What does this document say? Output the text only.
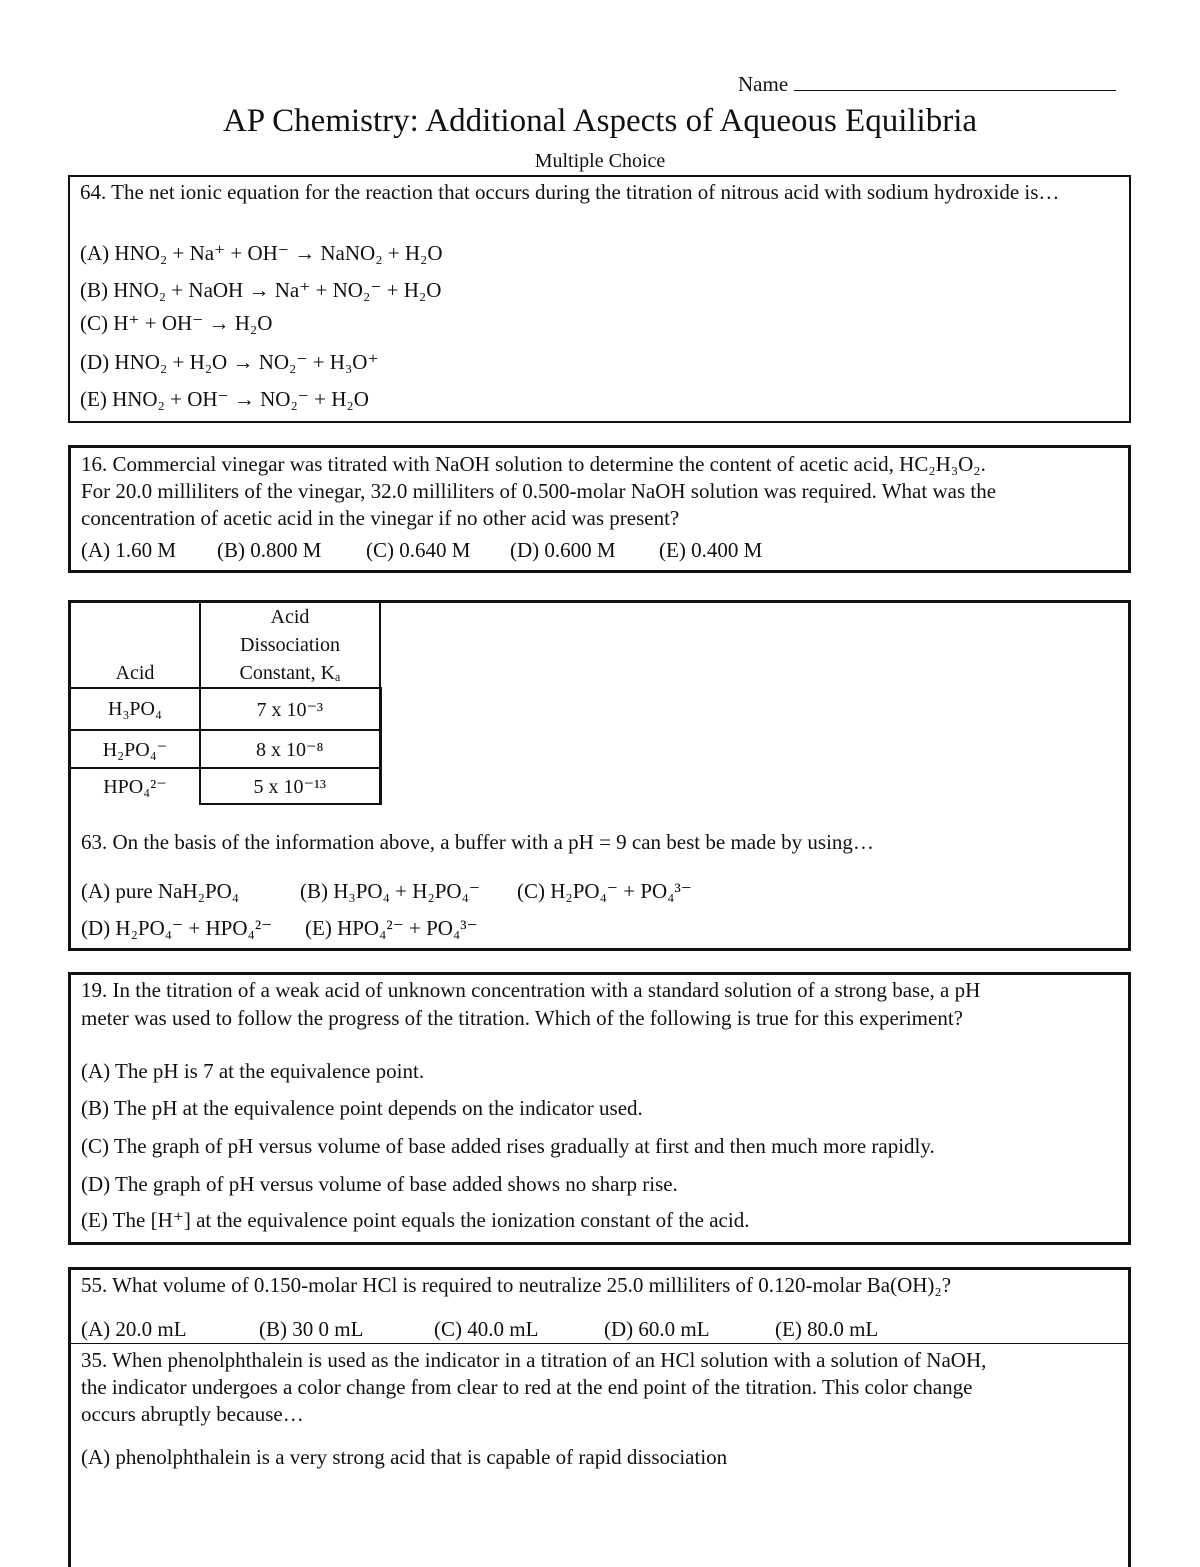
Name
AP Chemistry: Additional Aspects of Aqueous Equilibria
Multiple Choice
64. The net ionic equation for the reaction that occurs during the titration of nitrous acid with sodium hydroxide is…
(A) HNO₂ + Na⁺ + OH⁻ → NaNO₂ + H₂O
(B) HNO₂ + NaOH → Na⁺ + NO₂⁻ + H₂O
(C) H⁺ + OH⁻ → H₂O
(D) HNO₂ + H₂O → NO₂⁻ + H₃O⁺
(E) HNO₂ + OH⁻ → NO₂⁻ + H₂O
16. Commercial vinegar was titrated with NaOH solution to determine the content of acetic acid, HC₂H₃O₂.
For 20.0 milliliters of the vinegar, 32.0 milliliters of 0.500-molar NaOH solution was required. What was the
concentration of acetic acid in the vinegar if no other acid was present?
(A) 1.60 M (B) 0.800 M (C) 0.640 M (D) 0.600 M (E) 0.400 M
Acid	Acid
Dissociation
Constant, Kₐ

H₃PO₄	7 x 10⁻³
H₂PO₄⁻	8 x 10⁻⁸
HPO₄²⁻	5 x 10⁻¹³
63. On the basis of the information above, a buffer with a pH = 9 can best be made by using…
(A) pure NaH₂PO₄	(B) H₃PO₄ + H₂PO₄⁻ (C) H₂PO₄⁻ + PO₄³⁻
(D) H₂PO₄⁻ + HPO₄²⁻ (E) HPO₄²⁻ + PO₄³⁻
19. In the titration of a weak acid of unknown concentration with a standard solution of a strong base, a pH
meter was used to follow the progress of the titration. Which of the following is true for this experiment?
(A) The pH is 7 at the equivalence point.
(B) The pH at the equivalence point depends on the indicator used.
(C) The graph of pH versus volume of base added rises gradually at first and then much more rapidly.
(D) The graph of pH versus volume of base added shows no sharp rise.
(E) The [H⁺] at the equivalence point equals the ionization constant of the acid.
55. What volume of 0.150-molar HCl is required to neutralize 25.0 milliliters of 0.120-molar Ba(OH)₂?
(A) 20.0 mL	(B) 30 0 mL	(C) 40.0 mL	(D) 60.0 mL	(E) 80.0 mL
35. When phenolphthalein is used as the indicator in a titration of an HCl solution with a solution of NaOH,
the indicator undergoes a color change from clear to red at the end point of the titration. This color change
occurs abruptly because…
(A) phenolphthalein is a very strong acid that is capable of rapid dissociation
